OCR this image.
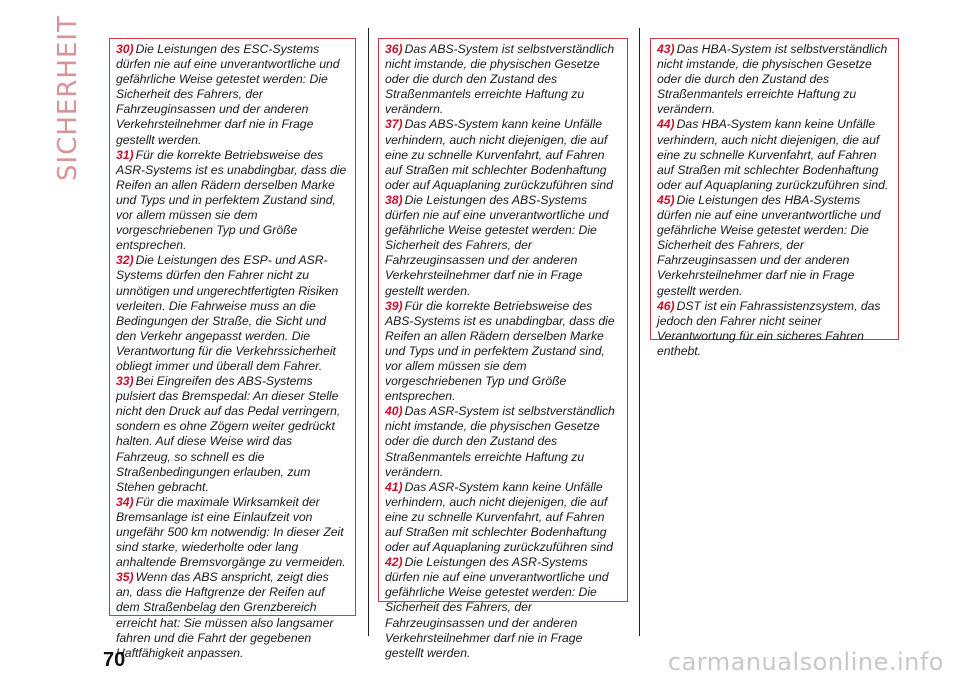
SICHERHEIT	30) Die Leistungen des ESC-Systems dürfen nie auf eine unverantwortliche und gefährliche Weise getestet werden: Die Sicherheit des Fahrers, der Fahrzeuginsassen und der anderen Verkehrsteilnehmer darf nie in Frage gestellt werden.

31) Für die korrekte Betriebsweise des ASR-Systems ist es unabdingbar, dass die Reifen an allen Rädern derselben Marke und Typs und in perfektem Zustand sind, vor allem müssen sie dem vorgeschriebenen Typ und Größe entsprechen.

32) Die Leistungen des ESP- und ASR-Systems dürfen den Fahrer nicht zu unnötigen und ungerechtfertigten Risiken verleiten. Die Fahrweise muss an die Bedingungen der Straße, die Sicht und den Verkehr angepasst werden. Die Verantwortung für die Verkehrssicherheit obliegt immer und überall dem Fahrer.

33) Bei Eingreifen des ABS-Systems pulsiert das Bremspedal: An dieser Stelle nicht den Druck auf das Pedal verringern, sondern es ohne Zögern weiter gedrückt halten. Auf diese Weise wird das Fahrzeug, so schnell es die Straßenbedingungen erlauben, zum Stehen gebracht.

34) Für die maximale Wirksamkeit der Bremsanlage ist eine Einlaufzeit von ungefähr 500 km notwendig: In dieser Zeit sind starke, wiederholte oder lang anhaltende Bremsvorgänge zu vermeiden.

35) Wenn das ABS anspricht, zeigt dies an, dass die Haftgrenze der Reifen auf dem Straßenbelag den Grenzbereich erreicht hat: Sie müssen also langsamer fahren und die Fahrt der gegebenen Haftfähigkeit anpassen.

36) Das ABS-System ist selbstverständlich nicht imstande, die physischen Gesetze oder die durch den Zustand des Straßenmantels erreichte Haftung zu verändern.

37) Das ABS-System kann keine Unfälle verhindern, auch nicht diejenigen, die auf eine zu schnelle Kurvenfahrt, auf Fahren auf Straßen mit schlechter Bodenhaftung oder auf Aquaplaning zurückzuführen sind

38) Die Leistungen des ABS-Systems dürfen nie auf eine unverantwortliche und gefährliche Weise getestet werden: Die Sicherheit des Fahrers, der Fahrzeuginsassen und der anderen Verkehrsteilnehmer darf nie in Frage gestellt werden.

39) Für die korrekte Betriebsweise des ABS-Systems ist es unabdingbar, dass die Reifen an allen Rädern derselben Marke und Typs und in perfektem Zustand sind, vor allem müssen sie dem vorgeschriebenen Typ und Größe entsprechen.

40) Das ASR-System ist selbstverständlich nicht imstande, die physischen Gesetze oder die durch den Zustand des Straßenmantels erreichte Haftung zu verändern.

41) Das ASR-System kann keine Unfälle verhindern, auch nicht diejenigen, die auf eine zu schnelle Kurvenfahrt, auf Fahren auf Straßen mit schlechter Bodenhaftung oder auf Aquaplaning zurückzuführen sind

42) Die Leistungen des ASR-Systems dürfen nie auf eine unverantwortliche und gefährliche Weise getestet werden: Die Sicherheit des Fahrers, der Fahrzeuginsassen und der anderen Verkehrsteilnehmer darf nie in Frage gestellt werden.

43) Das HBA-System ist selbstverständlich nicht imstande, die physischen Gesetze oder die durch den Zustand des Straßenmantels erreichte Haftung zu verändern.

44) Das HBA-System kann keine Unfälle verhindern, auch nicht diejenigen, die auf eine zu schnelle Kurvenfahrt, auf Fahren auf Straßen mit schlechter Bodenhaftung oder auf Aquaplaning zurückzuführen sind.

45) Die Leistungen des HBA-Systems dürfen nie auf eine unverantwortliche und gefährliche Weise getestet werden: Die Sicherheit des Fahrers, der Fahrzeuginsassen und der anderen Verkehrsteilnehmer darf nie in Frage gestellt werden.

46) DST ist ein Fahrassistenzsystem, das jedoch den Fahrer nicht seiner Verantwortung für ein sicheres Fahren enthebt.

70	carmanualsonline.info
